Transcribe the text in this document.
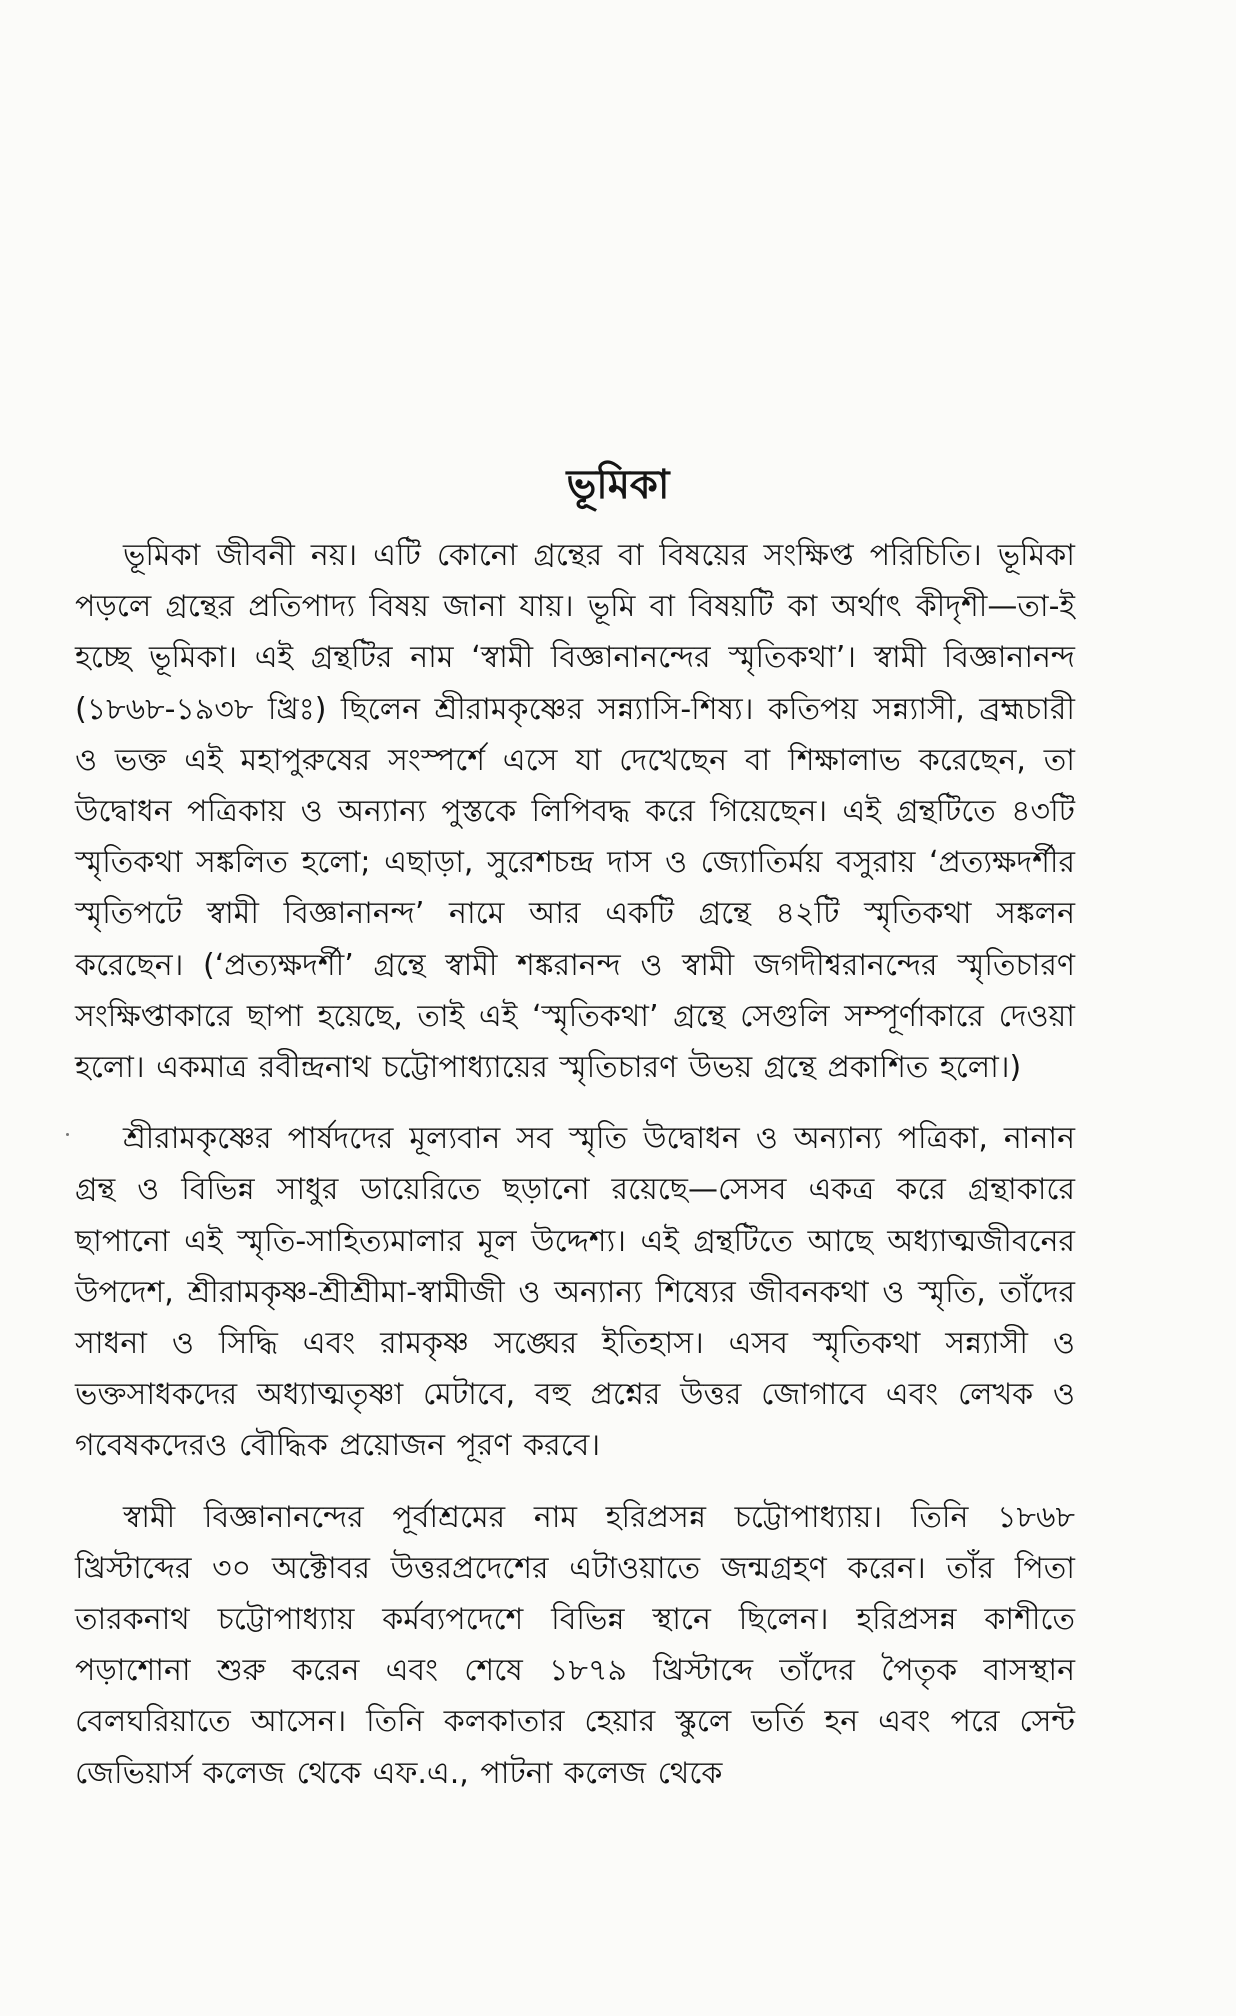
ভূমিকা

ভূমিকা জীবনী নয়। এটি কোনো গ্রন্থের বা বিষয়ের সংক্ষিপ্ত পরিচিতি। ভূমিকা পড়লে গ্রন্থের প্রতিপাদ্য বিষয় জানা যায়। ভূমি বা বিষয়টি কা অর্থাৎ কীদৃশী—তা-ই হচ্ছে ভূমিকা। এই গ্রন্থটির নাম ‘স্বামী বিজ্ঞানানন্দের স্মৃতিকথা’। স্বামী বিজ্ঞানানন্দ (১৮৬৮-১৯৩৮ খ্রিঃ) ছিলেন শ্রীরামকৃষ্ণের সন্ন্যাসি-শিষ্য। কতিপয় সন্ন্যাসী, ব্রহ্মচারী ও ভক্ত এই মহাপুরুষের সংস্পর্শে এসে যা দেখেছেন বা শিক্ষালাভ করেছেন, তা উদ্বোধন পত্রিকায় ও অন্যান্য পুস্তকে লিপিবদ্ধ করে গিয়েছেন। এই গ্রন্থটিতে ৪৩টি স্মৃতিকথা সঙ্কলিত হলো; এছাড়া, সুরেশচন্দ্র দাস ও জ্যোতির্ময় বসুরায় ‘প্রত্যক্ষদর্শীর স্মৃতিপটে স্বামী বিজ্ঞানানন্দ’ নামে আর একটি গ্রন্থে ৪২টি স্মৃতিকথা সঙ্কলন করেছেন। (‘প্রত্যক্ষদর্শী’ গ্রন্থে স্বামী শঙ্করানন্দ ও স্বামী জগদীশ্বরানন্দের স্মৃতিচারণ সংক্ষিপ্তাকারে ছাপা হয়েছে, তাই এই ‘স্মৃতিকথা’ গ্রন্থে সেগুলি সম্পূর্ণাকারে দেওয়া হলো। একমাত্র রবীন্দ্রনাথ চট্টোপাধ্যায়ের স্মৃতিচারণ উভয় গ্রন্থে প্রকাশিত হলো।)

শ্রীরামকৃষ্ণের পার্ষদদের মূল্যবান সব স্মৃতি উদ্বোধন ও অন্যান্য পত্রিকা, নানান গ্রন্থ ও বিভিন্ন সাধুর ডায়েরিতে ছড়ানো রয়েছে—সেসব একত্র করে গ্রন্থাকারে ছাপানো এই স্মৃতি-সাহিত্যমালার মূল উদ্দেশ্য। এই গ্রন্থটিতে আছে অধ্যাত্মজীবনের উপদেশ, শ্রীরামকৃষ্ণ-শ্রীশ্রীমা-স্বামীজী ও অন্যান্য শিষ্যের জীবনকথা ও স্মৃতি, তাঁদের সাধনা ও সিদ্ধি এবং রামকৃষ্ণ সঙ্ঘের ইতিহাস। এসব স্মৃতিকথা সন্ন্যাসী ও ভক্তসাধকদের অধ্যাত্মতৃষ্ণা মেটাবে, বহু প্রশ্নের উত্তর জোগাবে এবং লেখক ও গবেষকদেরও বৌদ্ধিক প্রয়োজন পূরণ করবে।

স্বামী বিজ্ঞানানন্দের পূর্বাশ্রমের নাম হরিপ্রসন্ন চট্টোপাধ্যায়। তিনি ১৮৬৮ খ্রিস্টাব্দের ৩০ অক্টোবর উত্তরপ্রদেশের এটাওয়াতে জন্মগ্রহণ করেন। তাঁর পিতা তারকনাথ চট্টোপাধ্যায় কর্মব্যপদেশে বিভিন্ন স্থানে ছিলেন। হরিপ্রসন্ন কাশীতে পড়াশোনা শুরু করেন এবং শেষে ১৮৭৯ খ্রিস্টাব্দে তাঁদের পৈতৃক বাসস্থান বেলঘরিয়াতে আসেন। তিনি কলকাতার হেয়ার স্কুলে ভর্তি হন এবং পরে সেন্ট জেভিয়ার্স কলেজ থেকে এফ.এ., পাটনা কলেজ থেকে
